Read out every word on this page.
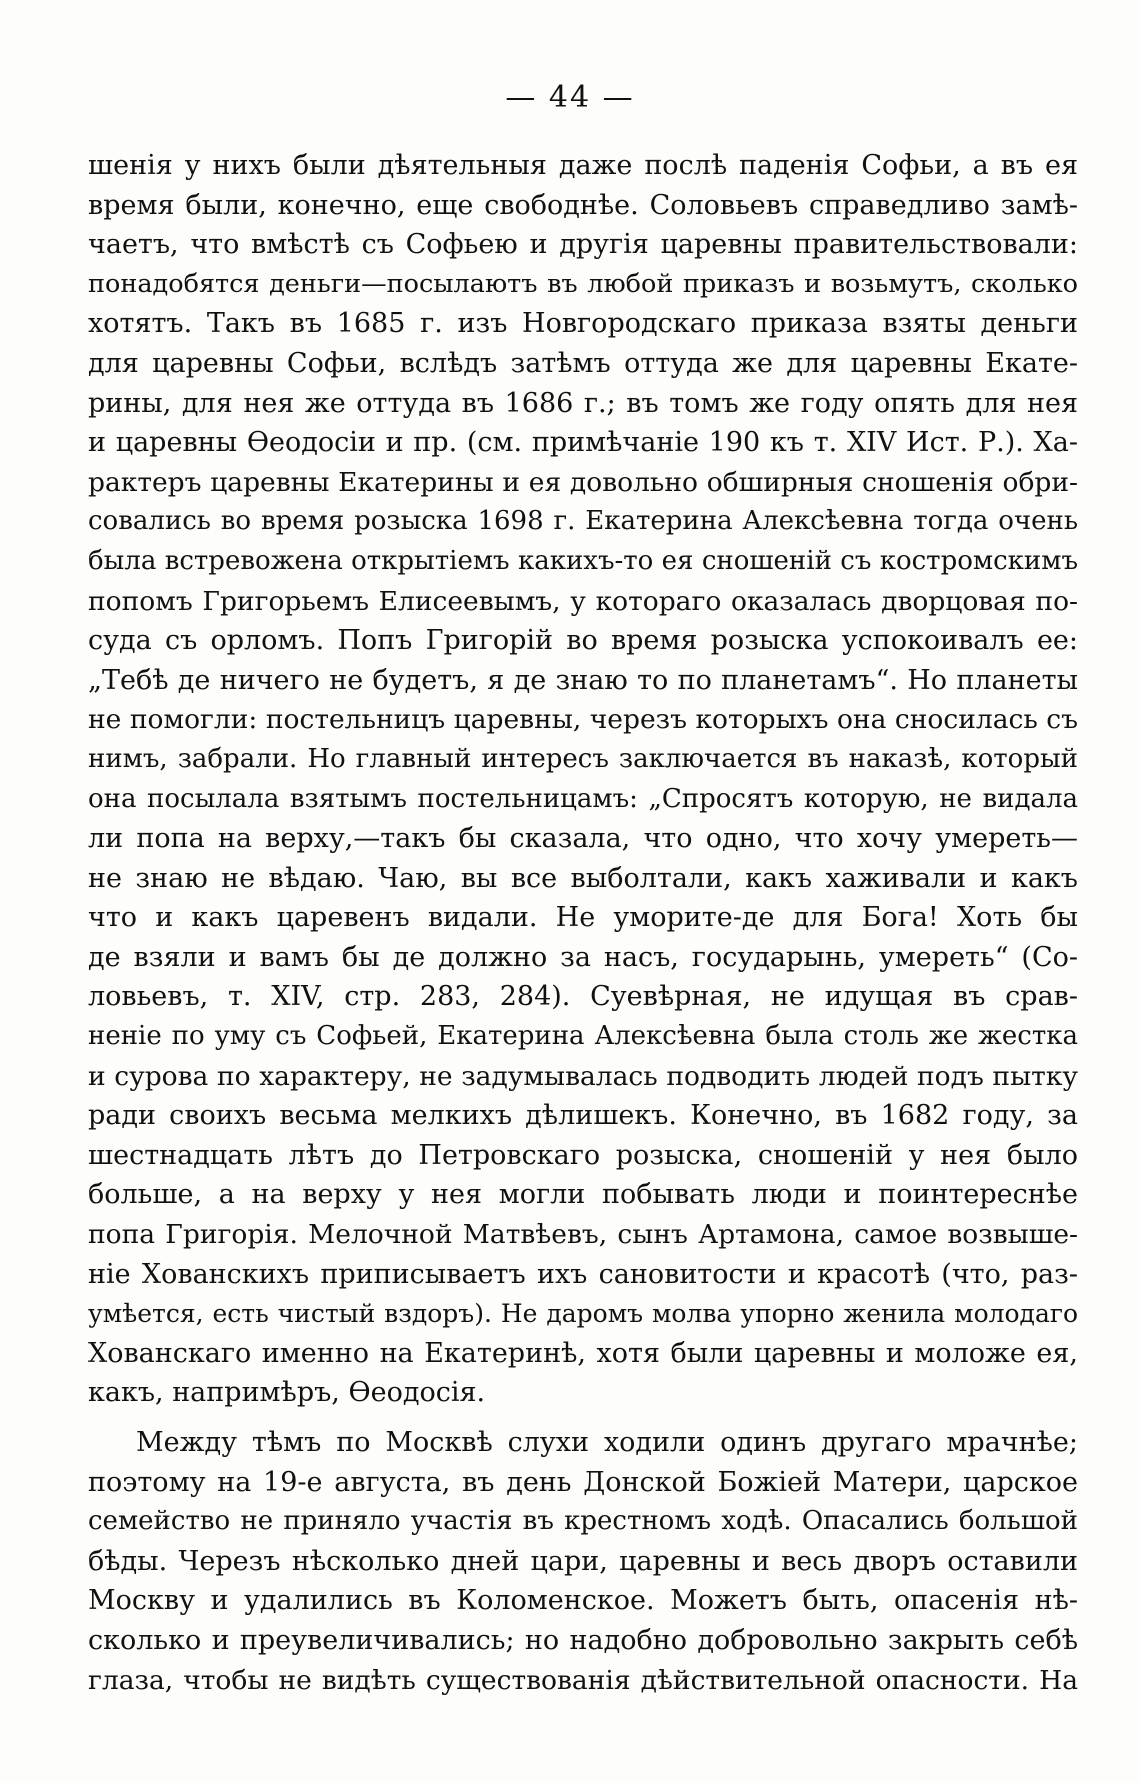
— 44 —
шенія у нихъ были дѣятельныя даже послѣ паденія Софьи, а въ ея
время были, конечно, еще свободнѣе. Соловьевъ справедливо замѣ-
чаетъ, что вмѣстѣ съ Софьею и другія царевны правительствовали:
понадобятся деньги—посылаютъ въ любой приказъ и возьмутъ, сколько
хотятъ. Такъ въ 1685 г. изъ Новгородскаго приказа взяты деньги
для царевны Софьи, вслѣдъ затѣмъ оттуда же для царевны Екате-
рины, для нея же оттуда въ 1686 г.; въ томъ же году опять для нея
и царевны Ѳеодосіи и пр. (см. примѣчаніе 190 къ т. XIV Ист. Р.). Ха-
рактеръ царевны Екатерины и ея довольно обширныя сношенія обри-
совались во время розыска 1698 г. Екатерина Алексѣевна тогда очень
была встревожена открытіемъ какихъ-то ея сношеній съ костромскимъ
попомъ Григорьемъ Елисеевымъ, у котораго оказалась дворцовая по-
суда съ орломъ. Попъ Григорій во время розыска успокоивалъ ее:
„Тебѣ де ничего не будетъ, я де знаю то по планетамъ“. Но планеты
не помогли: постельницъ царевны, черезъ которыхъ она сносилась съ
нимъ, забрали. Но главный интересъ заключается въ наказѣ, который
она посылала взятымъ постельницамъ: „Спросятъ которую, не видала
ли попа на верху,—такъ бы сказала, что одно, что хочу умереть—
не знаю не вѣдаю. Чаю, вы все выболтали, какъ хаживали и какъ
что и какъ царевенъ видали. Не уморите-де для Бога! Хоть бы
де взяли и вамъ бы де должно за насъ, государынь, умереть“ (Со-
ловьевъ, т. XIV, стр. 283, 284). Суевѣрная, не идущая въ срав-
неніе по уму съ Софьей, Екатерина Алексѣевна была столь же жестка
и сурова по характеру, не задумывалась подводить людей подъ пытку
ради своихъ весьма мелкихъ дѣлишекъ. Конечно, въ 1682 году, за
шестнадцать лѣтъ до Петровскаго розыска, сношеній у нея было
больше, а на верху у нея могли побывать люди и поинтереснѣе
попа Григорія. Мелочной Матвѣевъ, сынъ Артамона, самое возвыше-
ніе Хованскихъ приписываетъ ихъ сановитости и красотѣ (что, раз-
умѣется, есть чистый вздоръ). Не даромъ молва упорно женила молодаго
Хованскаго именно на Екатеринѣ, хотя были царевны и моложе ея,
какъ, напримѣръ, Ѳеодосія.
Между тѣмъ по Москвѣ слухи ходили одинъ другаго мрачнѣе;
поэтому на 19-е августа, въ день Донской Божіей Матери, царское
семейство не приняло участія въ крестномъ ходѣ. Опасались большой
бѣды. Черезъ нѣсколько дней цари, царевны и весь дворъ оставили
Москву и удалились въ Коломенское. Можетъ быть, опасенія нѣ-
сколько и преувеличивались; но надобно добровольно закрыть себѣ
глаза, чтобы не видѣть существованія дѣйствительной опасности. На
